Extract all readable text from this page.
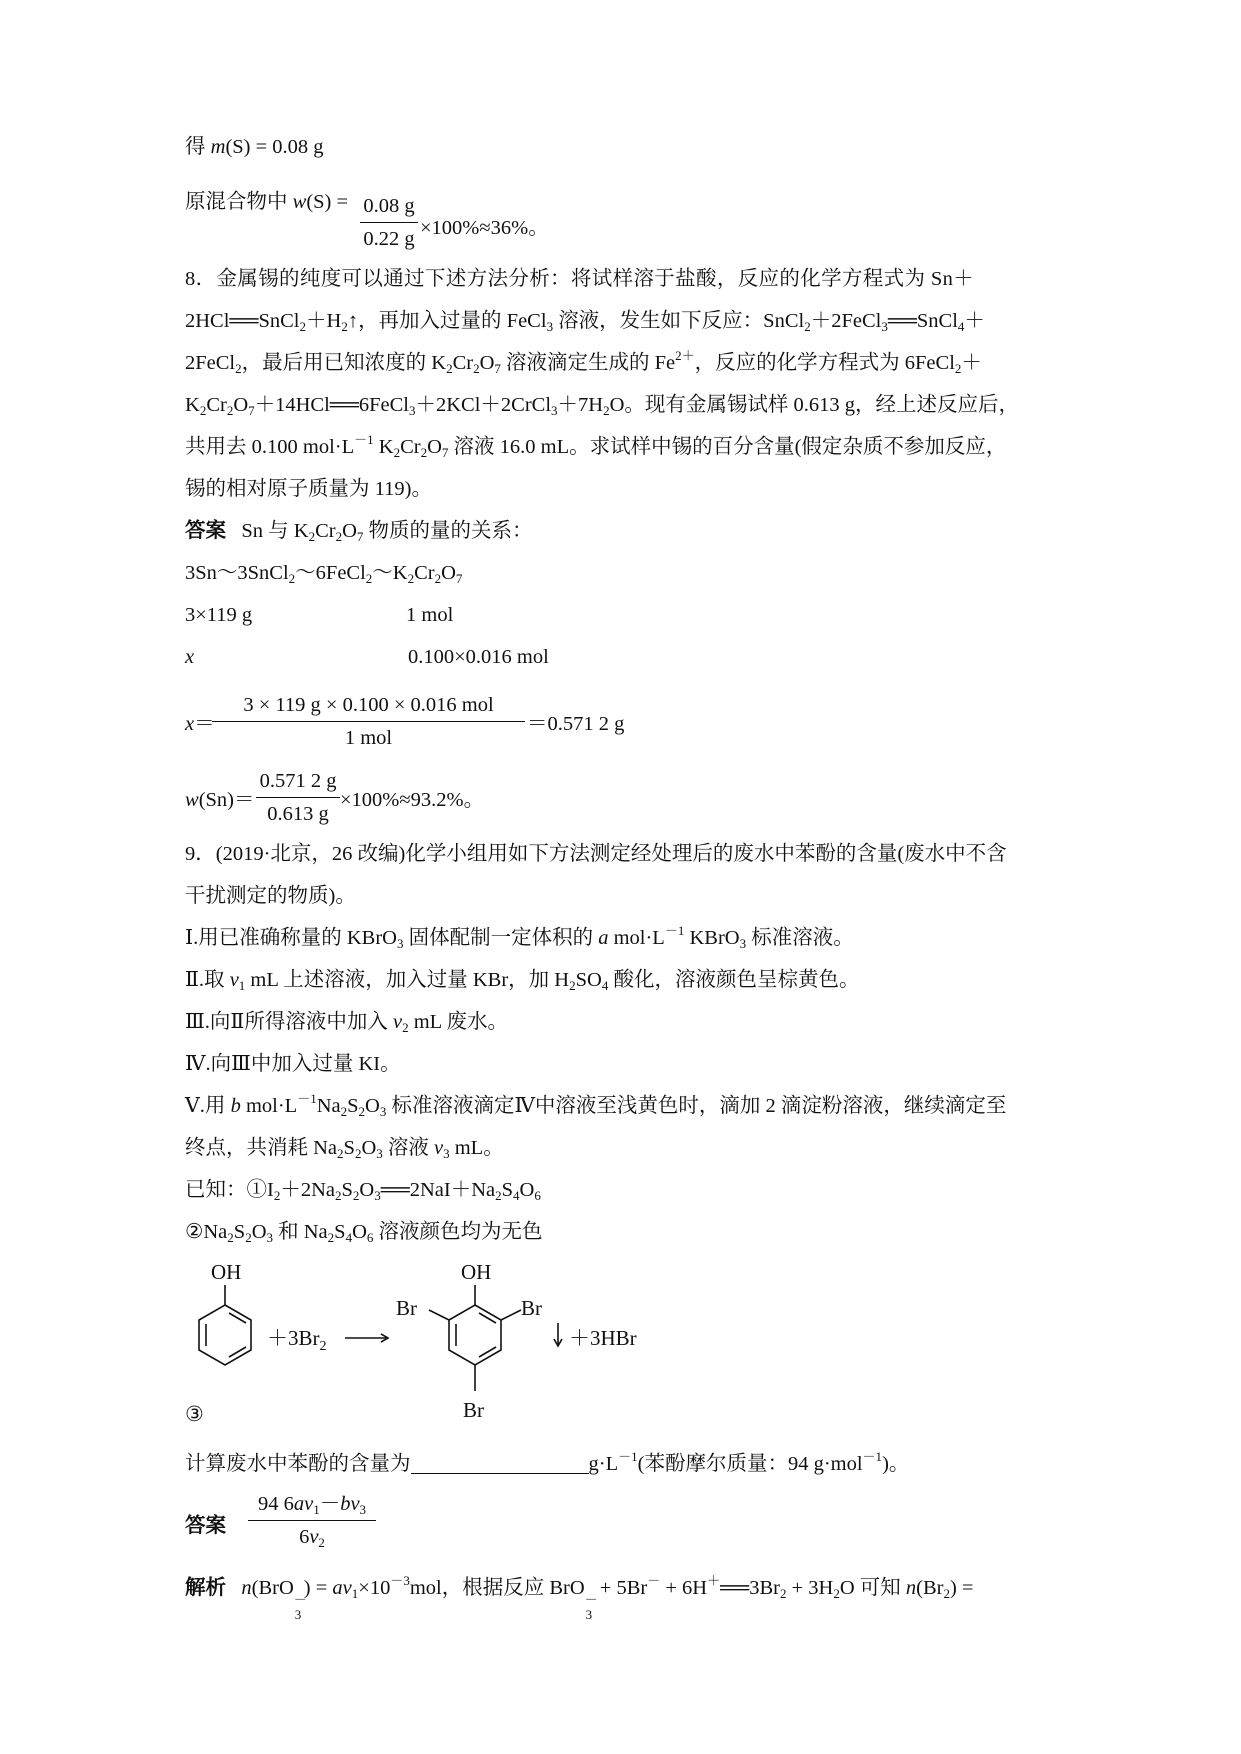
得 m(S) = 0.08 g
原混合物中 w(S) = 0.08 g
0.22 g ×100%≈36%。
8．金属锡的纯度可以通过下述方法分析：将试样溶于盐酸，反应的化学方程式为 Sn＋
$2HCl══SnCl_2+H_2↑$，再加入过量的 FeCl$_3$ 溶液，发生如下反应：SnCl$_2$＋2FeCl$_3$══SnCl$_4$＋
2FeCl$_2$，最后用已知浓度的 $K_2Cr_2O_7$ 溶液滴定生成的 $Fe^{2+}$，反应的化学方程式为 6FeCl$_2$＋
$K_2Cr_2O_7+14HCl══6FeCl_3+2KCl+2CrCl_3+7H_2O$。现有金属锡试样 0.613 g，经上述反应后，
共用去 0.100 $mol\cdot L^{-1}$ $K_2Cr_2O_7$ 溶液 16.0 mL。求试样中锡的百分含量(假定杂质不参加反应，
锡的相对原子质量为 119)。
答案 Sn 与 $K_2Cr_2O_7$ 物质的量的关系：
$3Sn\sim 3SnCl_2\sim 6FeCl_2\sim K_2Cr_2O_7$
3×119 g	1 mol
x	0.100×0.016 mol
x＝
3 × 119 g × 0.100 × 0.016 mol
1 mol
＝0.571 2 g
w(Sn)＝
0.571 2 g
0.613 g
×100%≈93.2%。
9．(2019·北京，26 改编)化学小组用如下方法测定经处理后的废水中苯酚的含量(废水中不含
干扰测定的物质)。
Ⅰ.用已准确称量的 KBrO$_3$ 固体配制一定体积的 a $mol\cdot L^{-1}$ KBrO$_3$ 标准溶液。
Ⅱ.取 $v_1$ mL 上述溶液，加入过量 KBr，加 $H_2SO_4$ 酸化，溶液颜色呈棕黄色。
Ⅲ.向Ⅱ所得溶液中加入 $v_2$ mL 废水。
Ⅳ.向Ⅲ中加入过量 KI。
Ⅴ.用 b $mol\cdot L^{-1}Na_2S_2O_3$ 标准溶液滴定Ⅳ中溶液至浅黄色时，滴加 2 滴淀粉溶液，继续滴定至
终点，共消耗 $Na_2S_2O_3$ 溶液 $v_3$ mL。
已知：$①I_2+2Na_2S_2O_3══2NaI+Na_2S_4O_6$
$②Na_2S_2O_3$ 和 $Na_2S_4O_6$ 溶液颜色均为无色
OH
$+3Br_2$
OH
Br	Br
Br
＋3HBr
③
计算废水中苯酚的含量为	$g\cdot L^{-1}$(苯酚摩尔质量：94 g·mol$^{-1}$)。
答案
94 $6av_1-bv_3$
$6v_2$
解析 n(BrO
－
3
) = $av_1\times 10^{-3}mol$，根据反应 BrO
－
3
+ $5Br^- + 6H^+══3Br_2 + 3H_2O$ 可知 $n(Br_2)$ =
